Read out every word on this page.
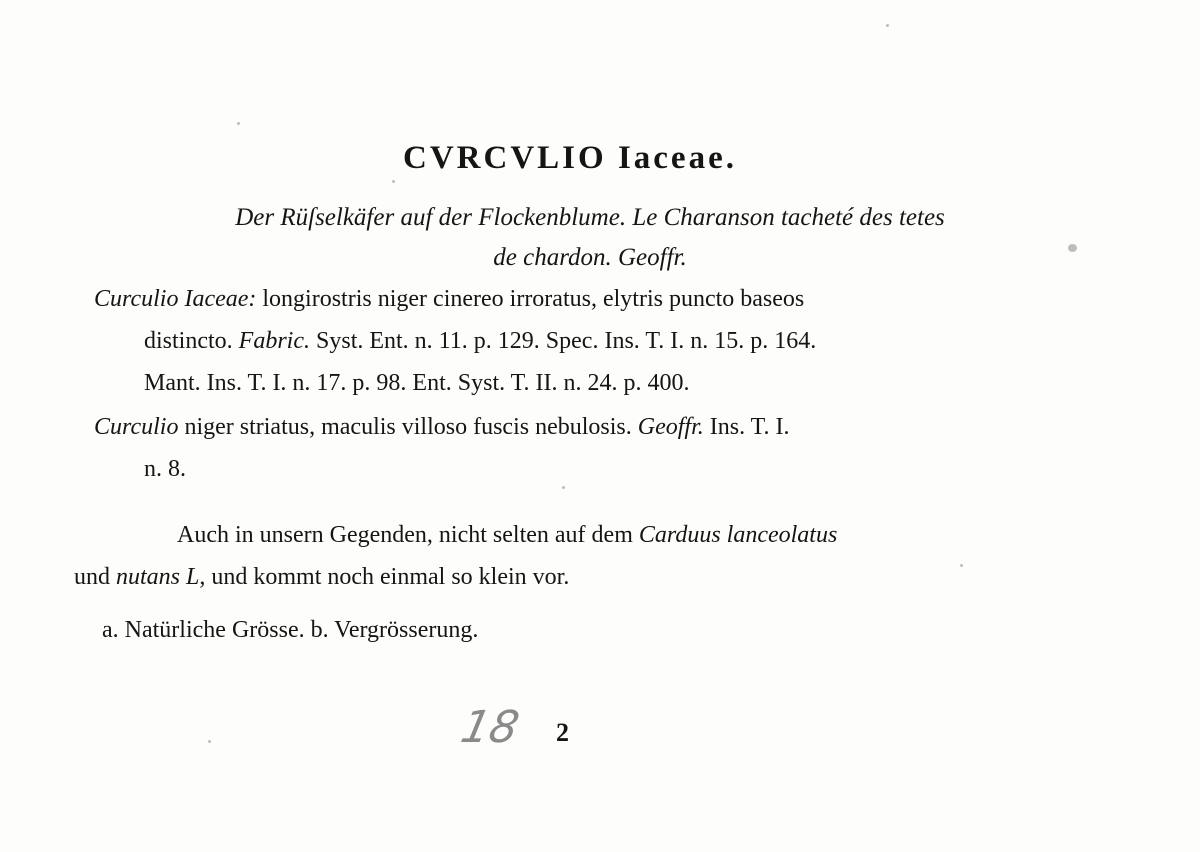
CVRCVLIO Iaceae.
Der Rüſselkäfer auf der Flockenblume. Le Charanson tacheté des tetes
de chardon. Geoffr.
Curculio Iaceae: longirostris niger cinereo irroratus, elytris puncto baseos
distincto. Fabric. Syst. Ent. n. 11. p. 129. Spec. Ins. T. I. n. 15. p. 164.
Mant. Ins. T. I. n. 17. p. 98. Ent. Syst. T. II. n. 24. p. 400.
Curculio niger striatus, maculis villoso fuscis nebulosis. Geoffr. Ins. T. I.
n. 8.
Auch in unsern Gegenden, nicht selten auf dem Carduus lanceolatus
und nutans L, und kommt noch einmal so klein vor.
a. Natürliche Grösse. b. Vergrösserung.
18 2
